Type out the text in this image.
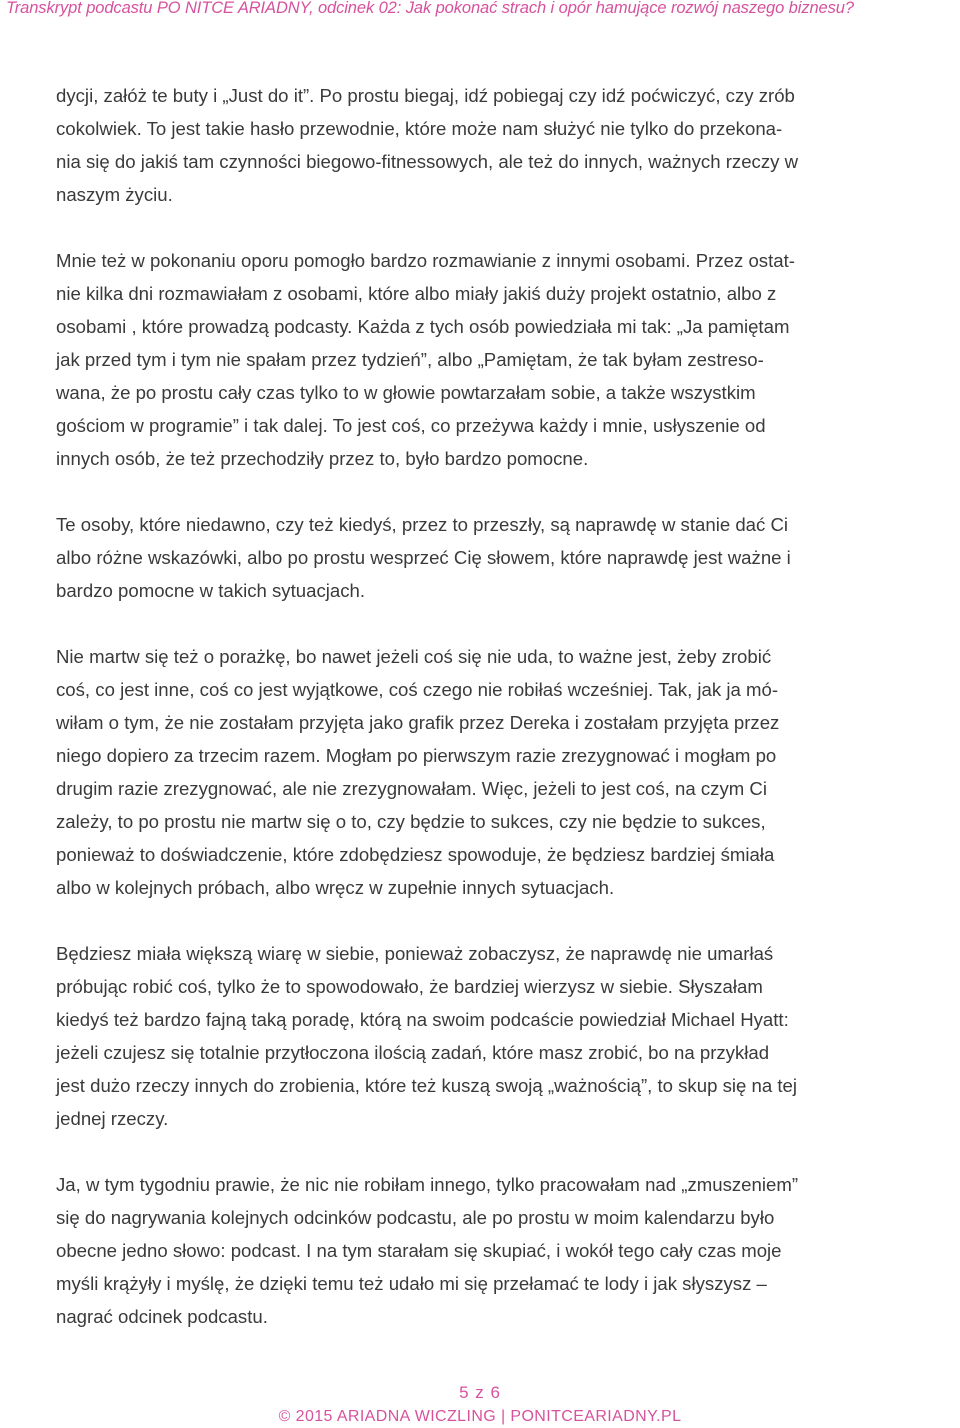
Transkrypt podcastu PO NITCE ARIADNY, odcinek 02: Jak pokonać strach i opór hamujące rozwój naszego biznesu?

dycji, załóż te buty i „Just do it”. Po prostu biegaj, idź pobiegaj czy idź poćwiczyć, czy zrób
cokolwiek. To jest takie hasło przewodnie, które może nam służyć nie tylko do przekona-
nia się do jakiś tam czynności biegowo-fitnessowych, ale też do innych, ważnych rzeczy w
naszym życiu.

Mnie też w pokonaniu oporu pomogło bardzo rozmawianie z innymi osobami. Przez ostat-
nie kilka dni rozmawiałam z osobami, które albo miały jakiś duży projekt ostatnio, albo z
osobami , które prowadzą podcasty. Każda z tych osób powiedziała mi tak: „Ja pamiętam
jak przed tym i tym nie spałam przez tydzień”, albo „Pamiętam, że tak byłam zestreso-
wana, że po prostu cały czas tylko to w głowie powtarzałam sobie, a także wszystkim
gościom w programie” i tak dalej. To jest coś, co przeżywa każdy i mnie, usłyszenie od
innych osób, że też przechodziły przez to, było bardzo pomocne.

Te osoby, które niedawno, czy też kiedyś, przez to przeszły, są naprawdę w stanie dać Ci
albo różne wskazówki, albo po prostu wesprzeć Cię słowem, które naprawdę jest ważne i
bardzo pomocne w takich sytuacjach.

Nie martw się też o porażkę, bo nawet jeżeli coś się nie uda, to ważne jest, żeby zrobić
coś, co jest inne, coś co jest wyjątkowe, coś czego nie robiłaś wcześniej. Tak, jak ja mó-
wiłam o tym, że nie zostałam przyjęta jako grafik przez Dereka i zostałam przyjęta przez
niego dopiero za trzecim razem. Mogłam po pierwszym razie zrezygnować i mogłam po
drugim razie zrezygnować, ale nie zrezygnowałam. Więc, jeżeli to jest coś, na czym Ci
zależy, to po prostu nie martw się o to, czy będzie to sukces, czy nie będzie to sukces,
ponieważ to doświadczenie, które zdobędziesz spowoduje, że będziesz bardziej śmiała
albo w kolejnych próbach, albo wręcz w zupełnie innych sytuacjach.

Będziesz miała większą wiarę w siebie, ponieważ zobaczysz, że naprawdę nie umarłaś
próbując robić coś, tylko że to spowodowało, że bardziej wierzysz w siebie. Słyszałam
kiedyś też bardzo fajną taką poradę, którą na swoim podcaście powiedział Michael Hyatt:
jeżeli czujesz się totalnie przytłoczona ilością zadań, które masz zrobić, bo na przykład
jest dużo rzeczy innych do zrobienia, które też kuszą swoją „ważnością”, to skup się na tej
jednej rzeczy.

Ja, w tym tygodniu prawie, że nic nie robiłam innego, tylko pracowałam nad „zmuszeniem”
się do nagrywania kolejnych odcinków podcastu, ale po prostu w moim kalendarzu było
obecne jedno słowo: podcast. I na tym starałam się skupiać, i wokół tego cały czas moje
myśli krążyły i myślę, że dzięki temu też udało mi się przełamać te lody i jak słyszysz –
nagrać odcinek podcastu.

5 z 6
© 2015 ARIADNA WICZLING | PONITCEARIADNY.PL
